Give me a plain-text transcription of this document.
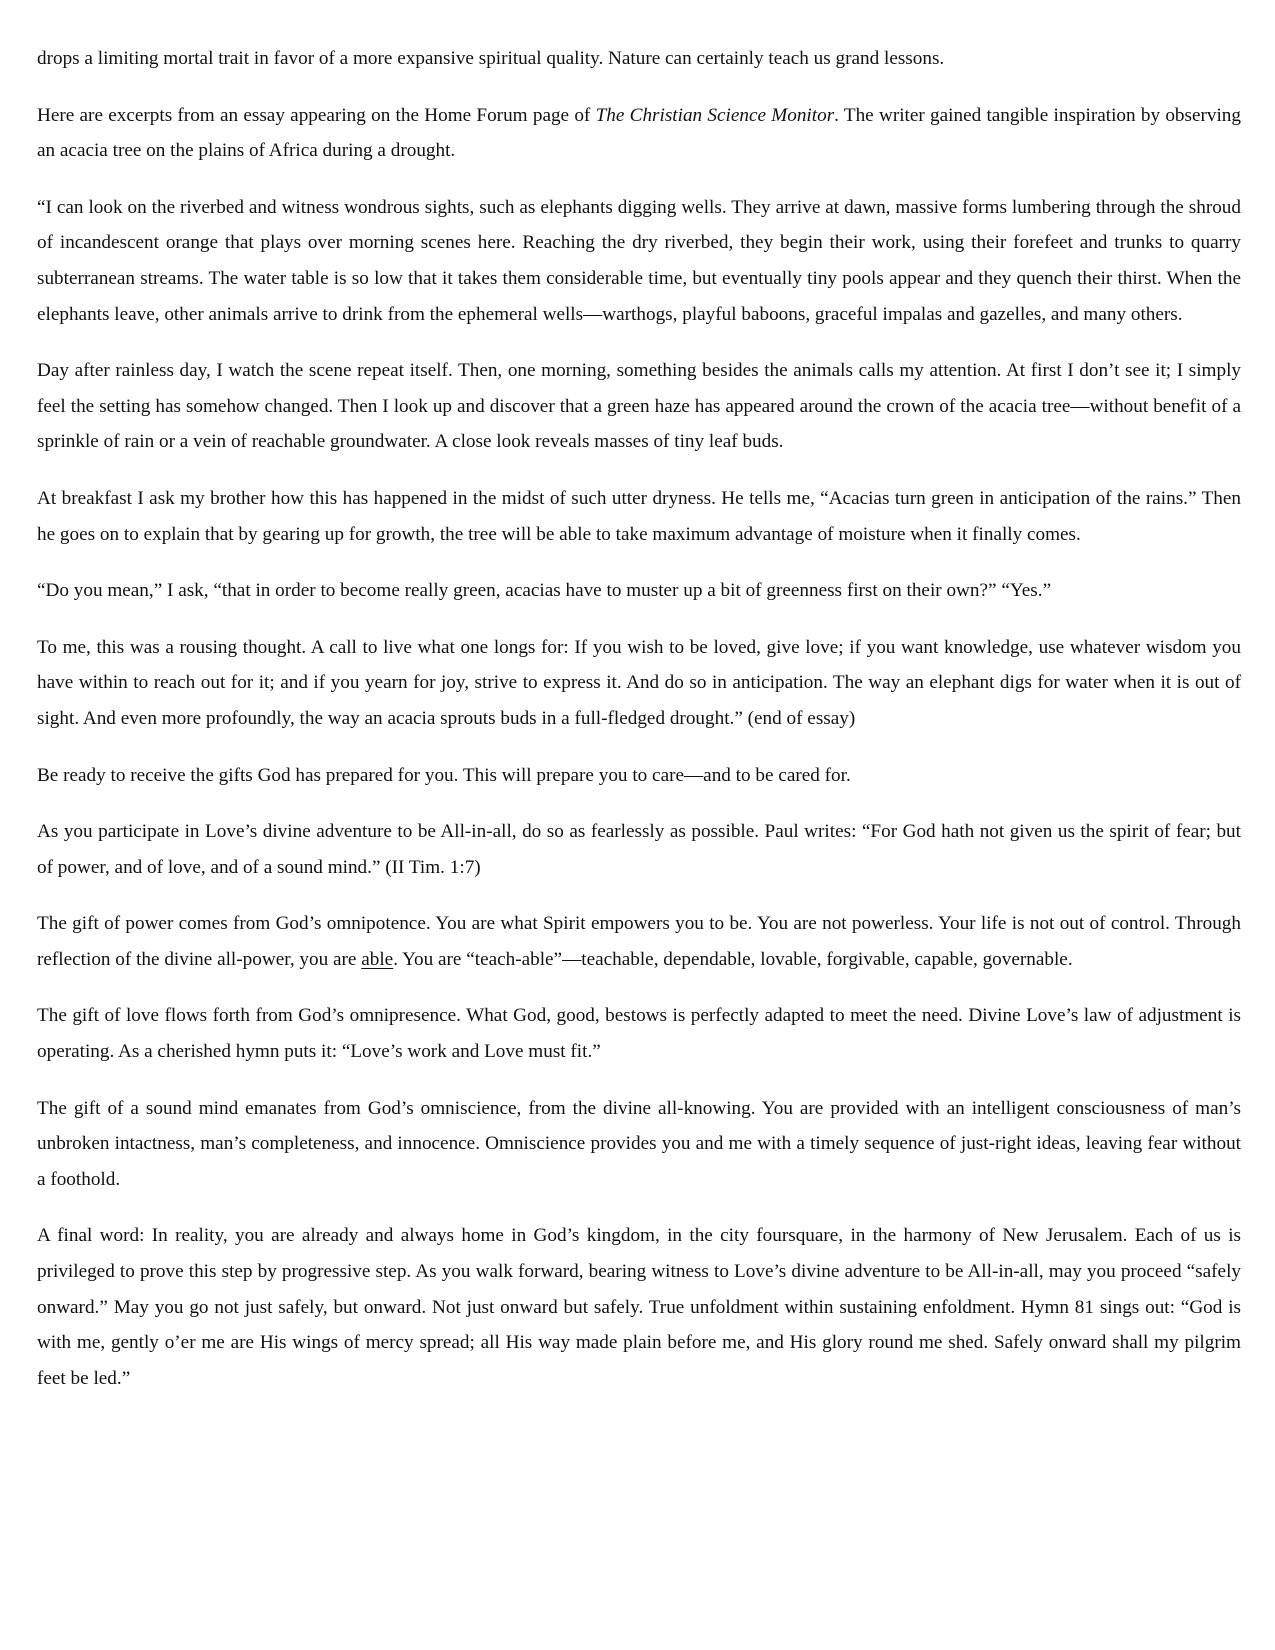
drops a limiting mortal trait in favor of a more expansive spiritual quality. Nature can certainly teach us grand lessons.

Here are excerpts from an essay appearing on the Home Forum page of The Christian Science Monitor. The writer gained tangible inspiration by observing an acacia tree on the plains of Africa during a drought.

“I can look on the riverbed and witness wondrous sights, such as elephants digging wells. They arrive at dawn, massive forms lumbering through the shroud of incandescent orange that plays over morning scenes here. Reaching the dry riverbed, they begin their work, using their forefeet and trunks to quarry subterranean streams. The water table is so low that it takes them considerable time, but eventually tiny pools appear and they quench their thirst. When the elephants leave, other animals arrive to drink from the ephemeral wells—warthogs, playful baboons, graceful impalas and gazelles, and many others.

Day after rainless day, I watch the scene repeat itself. Then, one morning, something besides the animals calls my attention. At first I don’t see it; I simply feel the setting has somehow changed. Then I look up and discover that a green haze has appeared around the crown of the acacia tree—without benefit of a sprinkle of rain or a vein of reachable groundwater. A close look reveals masses of tiny leaf buds.

At breakfast I ask my brother how this has happened in the midst of such utter dryness. He tells me, “Acacias turn green in anticipation of the rains.” Then he goes on to explain that by gearing up for growth, the tree will be able to take maximum advantage of moisture when it finally comes.

“Do you mean,” I ask, “that in order to become really green, acacias have to muster up a bit of greenness first on their own?” “Yes.”

To me, this was a rousing thought. A call to live what one longs for: If you wish to be loved, give love; if you want knowledge, use whatever wisdom you have within to reach out for it; and if you yearn for joy, strive to express it. And do so in anticipation. The way an elephant digs for water when it is out of sight. And even more profoundly, the way an acacia sprouts buds in a full-fledged drought.” (end of essay)

Be ready to receive the gifts God has prepared for you. This will prepare you to care—and to be cared for.

As you participate in Love’s divine adventure to be All-in-all, do so as fearlessly as possible. Paul writes: “For God hath not given us the spirit of fear; but of power, and of love, and of a sound mind.” (II Tim. 1:7)

The gift of power comes from God’s omnipotence. You are what Spirit empowers you to be. You are not powerless. Your life is not out of control. Through reflection of the divine all-power, you are able. You are “teach-able”—teachable, dependable, lovable, forgivable, capable, governable.

The gift of love flows forth from God’s omnipresence. What God, good, bestows is perfectly adapted to meet the need. Divine Love’s law of adjustment is operating. As a cherished hymn puts it: “Love’s work and Love must fit.”

The gift of a sound mind emanates from God’s omniscience, from the divine all-knowing. You are provided with an intelligent consciousness of man’s unbroken intactness, man’s completeness, and innocence. Omniscience provides you and me with a timely sequence of just-right ideas, leaving fear without a foothold.

A final word: In reality, you are already and always home in God’s kingdom, in the city foursquare, in the harmony of New Jerusalem. Each of us is privileged to prove this step by progressive step. As you walk forward, bearing witness to Love’s divine adventure to be All-in-all, may you proceed “safely onward.” May you go not just safely, but onward. Not just onward but safely. True unfoldment within sustaining enfoldment. Hymn 81 sings out: “God is with me, gently o’er me are His wings of mercy spread; all His way made plain before me, and His glory round me shed. Safely onward shall my pilgrim feet be led.”
